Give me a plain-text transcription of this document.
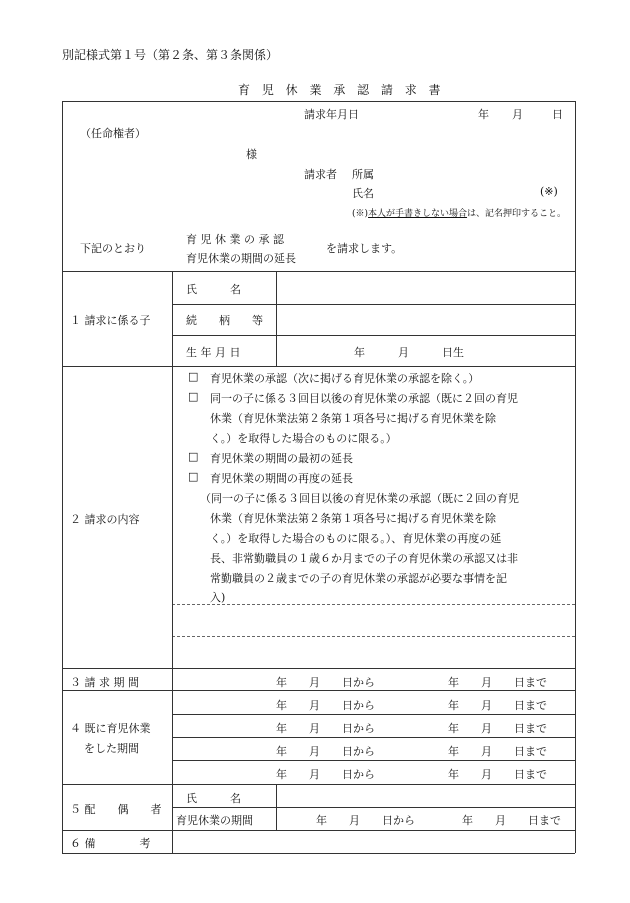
別記様式第１号（第２条、第３条関係）
育 児 休 業 承 認 請 求 書
請求年月日	年 月	日
（任命権者）
様
請求者 所属
氏名	(※)
(※)本人が手書きしない場合は、記名押印すること。
下記のとおり
育 児 休 業 の 承 認
育児休業の期間の延長
を請求します。
１ 請求に係る子
氏　　　名
続　　柄　　等
生 年 月 日	年　　　月　　　日生
２ 請求の内容
□ 育児休業の承認（次に掲げる育児休業の承認を除く。）
□ 同一の子に係る３回目以後の育児休業の承認（既に２回の育児
休業（育児休業法第２条第１項各号に掲げる育児休業を除
く。）を取得した場合のものに限る。）
□ 育児休業の期間の最初の延長
□ 育児休業の期間の再度の延長
（同一の子に係る３回目以後の育児休業の承認（既に２回の育児
休業（育児休業法第２条第１項各号に掲げる育児休業を除
く。）を取得した場合のものに限る。）、育児休業の再度の延
長、非常勤職員の１歳６か月までの子の育児休業の承認又は非
常勤職員の２歳までの子の育児休業の承認が必要な事情を記
入)
３ 請 求 期 間	年　　月　　日から	年　　月　　日まで
４ 既に育児休業
をした期間
年　　月　　日から	年　　月　　日まで
年　　月　　日から	年　　月　　日まで
年　　月　　日から	年　　月　　日まで
年　　月　　日から	年　　月　　日まで
５ 配　　偶　　者
氏　　　名
育児休業の期間	年　　月　　日から	年　　月　　日まで
６ 備　　　　考
